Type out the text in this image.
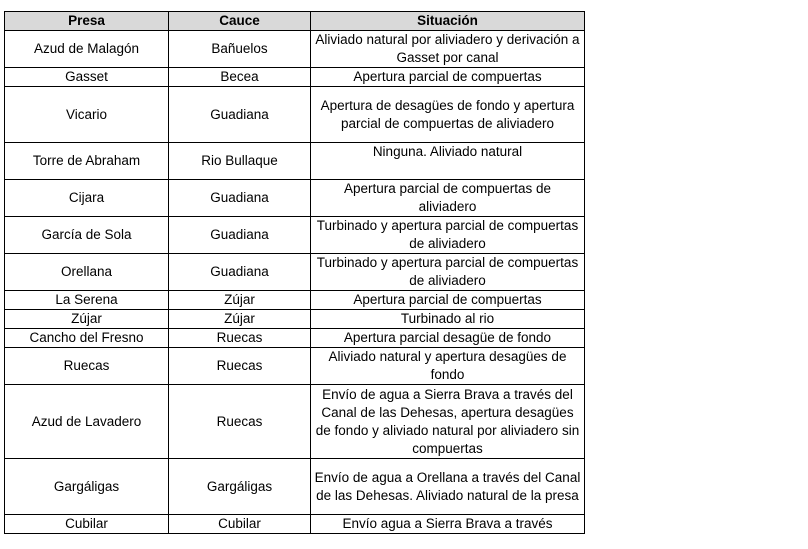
Presa	Cauce	Situación
Azud de Malagón	Bañuelos	Aliviado natural por aliviadero y derivación a Gasset por canal
Gasset	Becea	Apertura parcial de compuertas
Vicario	Guadiana	Apertura de desagües de fondo y apertura parcial de compuertas de aliviadero
Torre de Abraham	Rio Bullaque	Ninguna. Aliviado natural
Cijara	Guadiana	Apertura parcial de compuertas de aliviadero
García de Sola	Guadiana	Turbinado y apertura parcial de compuertas de aliviadero
Orellana	Guadiana	Turbinado y apertura parcial de compuertas de aliviadero
La Serena	Zújar	Apertura parcial de compuertas
Zújar	Zújar	Turbinado al rio
Cancho del Fresno	Ruecas	Apertura parcial desagüe de fondo
Ruecas	Ruecas	Aliviado natural y apertura desagües de fondo
Azud de Lavadero	Ruecas	Envío de agua a Sierra Brava a través del Canal de las Dehesas, apertura desagües de fondo y aliviado natural por aliviadero sin compuertas
Gargáligas	Gargáligas	Envío de agua a Orellana a través del Canal de las Dehesas. Aliviado natural de la presa
Cubilar	Cubilar	Envío agua a Sierra Brava a través
